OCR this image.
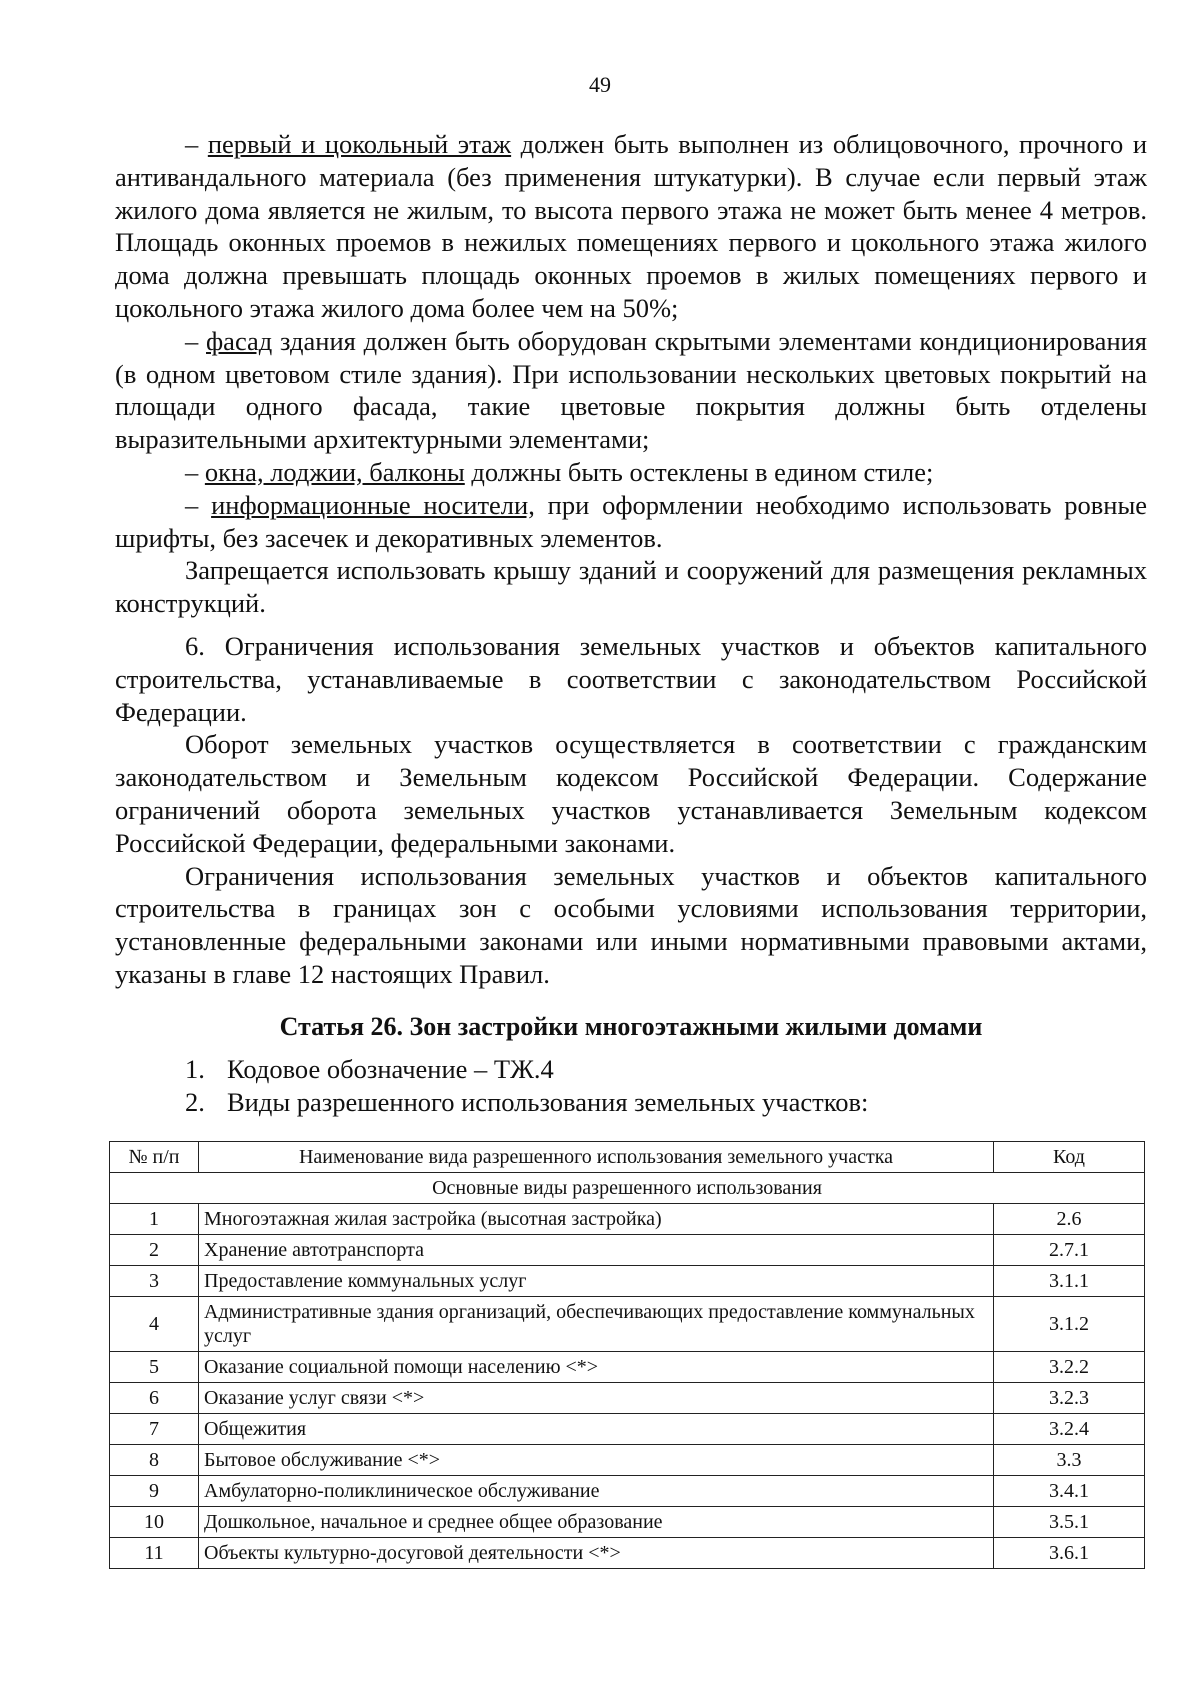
49

– первый и цокольный этаж должен быть выполнен из облицовочного, прочного и антивандального материала (без применения штукатурки). В случае если первый этаж жилого дома является не жилым, то высота первого этажа не может быть менее 4 метров. Площадь оконных проемов в нежилых помещениях первого и цокольного этажа жилого дома должна превышать площадь оконных проемов в жилых помещениях первого и цокольного этажа жилого дома более чем на 50%;

– фасад здания должен быть оборудован скрытыми элементами кондиционирования (в одном цветовом стиле здания). При использовании нескольких цветовых покрытий на площади одного фасада, такие цветовые покрытия должны быть отделены выразительными архитектурными элементами;

– окна, лоджии, балконы должны быть остеклены в едином стиле;

– информационные носители, при оформлении необходимо использовать ровные шрифты, без засечек и декоративных элементов.

Запрещается использовать крышу зданий и сооружений для размещения рекламных конструкций.

6. Ограничения использования земельных участков и объектов капитального строительства, устанавливаемые в соответствии с законодательством Российской Федерации.

Оборот земельных участков осуществляется в соответствии с гражданским законодательством и Земельным кодексом Российской Федерации. Содержание ограничений оборота земельных участков устанавливается Земельным кодексом Российской Федерации, федеральными законами.

Ограничения использования земельных участков и объектов капитального строительства в границах зон с особыми условиями использования территории, установленные федеральными законами или иными нормативными правовыми актами, указаны в главе 12 настоящих Правил.

Статья 26. Зон застройки многоэтажными жилыми домами
1. Кодовое обозначение – ТЖ.4
2. Виды разрешенного использования земельных участков:
№ п/п	Наименование вида разрешенного использования земельного участка	Код
Основные виды разрешенного использования		
1	Многоэтажная жилая застройка (высотная застройка)	2.6
2	Хранение автотранспорта	2.7.1
3	Предоставление коммунальных услуг	3.1.1
4	Административные здания организаций, обеспечивающих предоставление коммунальных услуг	3.1.2
5	Оказание социальной помощи населению <*>	3.2.2
6	Оказание услуг связи <*>	3.2.3
7	Общежития	3.2.4
8	Бытовое обслуживание <*>	3.3
9	Амбулаторно-поликлиническое обслуживание	3.4.1
10	Дошкольное, начальное и среднее общее образование	3.5.1
11	Объекты культурно-досуговой деятельности <*>	3.6.1
